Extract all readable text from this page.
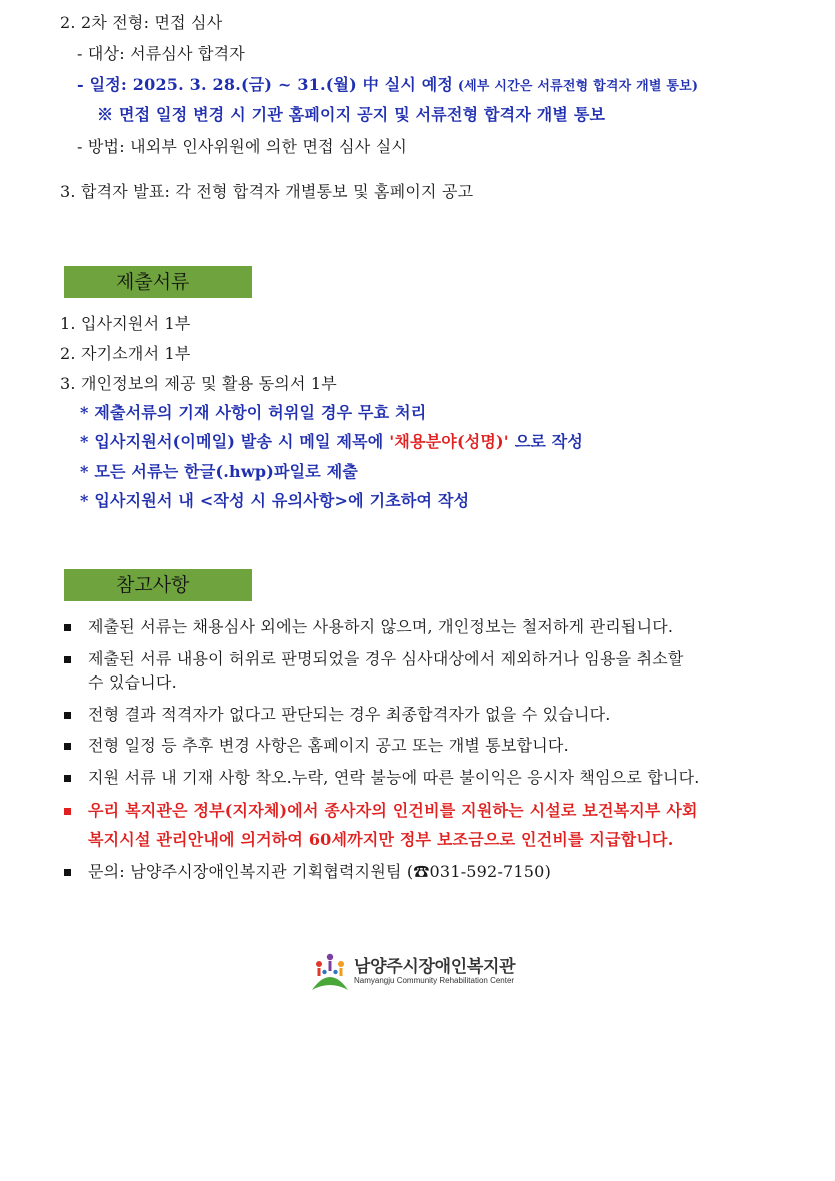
2. 2차 전형: 면접 심사
- 대상: 서류심사 합격자
- 일정: 2025. 3. 28.(금) ~ 31.(월) 中 실시 예정 (세부 시간은 서류전형 합격자 개별 통보)
※ 면접 일정 변경 시 기관 홈페이지 공지 및 서류전형 합격자 개별 통보
- 방법: 내외부 인사위원에 의한 면접 심사 실시
3. 합격자 발표: 각 전형 합격자 개별통보 및 홈페이지 공고
제출서류
1. 입사지원서 1부
2. 자기소개서 1부
3. 개인정보의 제공 및 활용 동의서 1부
* 제출서류의 기재 사항이 허위일 경우 무효 처리
* 입사지원서(이메일) 발송 시 메일 제목에 '채용분야(성명)' 으로 작성
* 모든 서류는 한글(.hwp)파일로 제출
* 입사지원서 내 <작성 시 유의사항>에 기초하여 작성
참고사항
제출된 서류는 채용심사 외에는 사용하지 않으며, 개인정보는 철저하게 관리됩니다.
제출된 서류 내용이 허위로 판명되었을 경우 심사대상에서 제외하거나 임용을 취소할
수 있습니다.
전형 결과 적격자가 없다고 판단되는 경우 최종합격자가 없을 수 있습니다.
전형 일정 등 추후 변경 사항은 홈페이지 공고 또는 개별 통보합니다.
지원 서류 내 기재 사항 착오.누락, 연락 불능에 따른 불이익은 응시자 책임으로 합니다.
우리 복지관은 정부(지자체)에서 종사자의 인건비를 지원하는 시설로 보건복지부 사회
복지시설 관리안내에 의거하여 60세까지만 정부 보조금으로 인건비를 지급합니다.
문의: 남양주시장애인복지관 기획협력지원팀 (☎031-592-7150)
남양주시장애인복지관
Namyangju Community Rehabilitation Center
